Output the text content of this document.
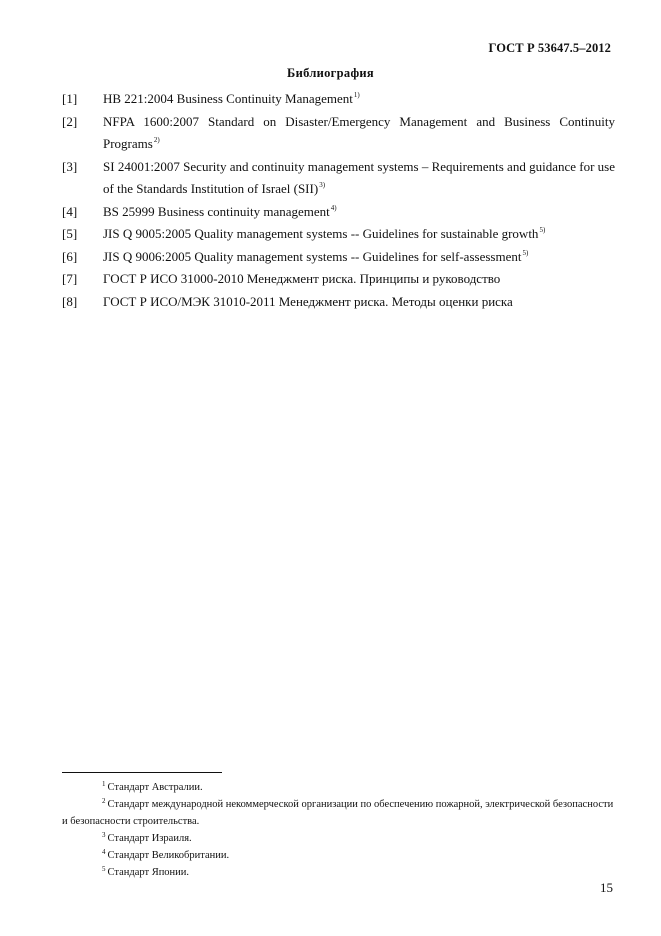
ГОСТ Р 53647.5–2012
Библиография
[1]	HB 221:2004 Business Continuity Management$^{1)}$
[2]	NFPA 1600:2007 Standard on Disaster/Emergency Management and Business Continuity Programs$^{2)}$
[3]	SI 24001:2007 Security and continuity management systems – Requirements and guidance for use of the Standards Institution of Israel (SII)$^{3)}$
[4]	BS 25999 Business continuity management$^{4)}$
[5]	JIS Q 9005:2005 Quality management systems -- Guidelines for sustainable growth$^{5)}$
[6]	JIS Q 9006:2005 Quality management systems -- Guidelines for self-assessment$^{5)}$
[7]	ГОСТ Р ИСО 31000-2010 Менеджмент риска. Принципы и руководство
[8]	ГОСТ Р ИСО/МЭК 31010-2011 Менеджмент риска. Методы оценки риска
$^1$ Стандарт Австралии.
$^2$ Стандарт международной некоммерческой организации по обеспечению пожарной, электрической безопасности и безопасности строительства.
$^3$ Стандарт Израиля.
$^4$ Стандарт Великобритании.
$^5$ Стандарт Японии.
15
